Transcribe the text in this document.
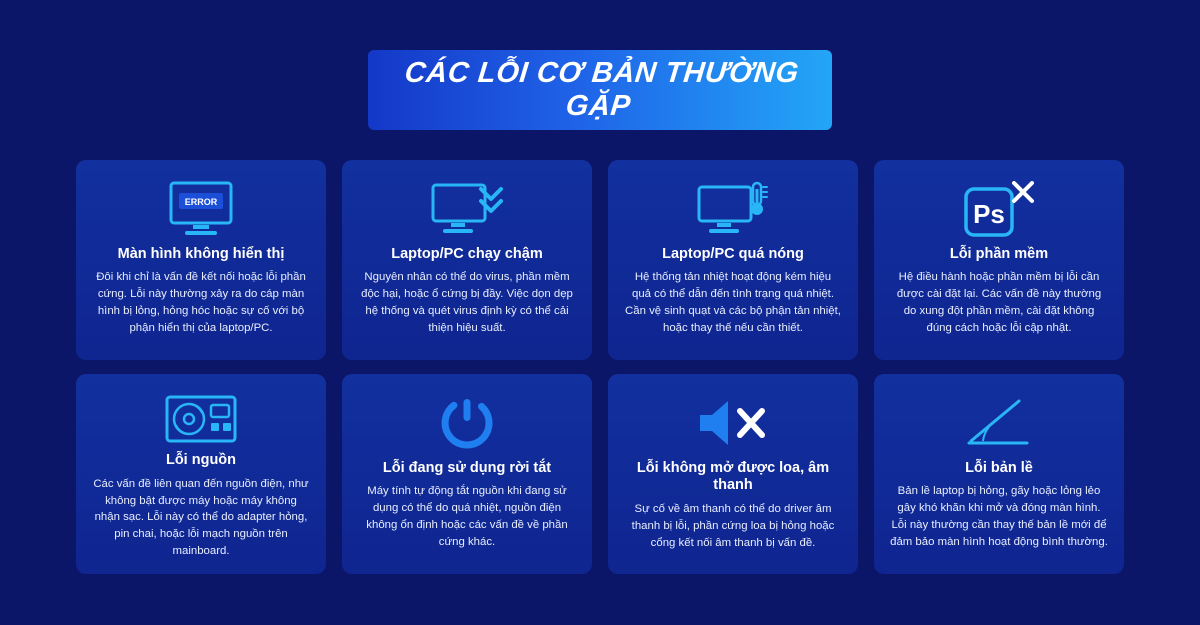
CÁC LỖI CƠ BẢN THƯỜNG GẶP
ERROR
Màn hình không hiển thị
Đôi khi chỉ là vấn đề kết nối hoặc lỗi phần cứng. Lỗi này thường xảy ra do cáp màn hình bị lỏng, hỏng hóc hoặc sự cố với bộ phận hiển thị của laptop/PC.
Laptop/PC chạy chậm
Nguyên nhân có thể do virus, phần mềm độc hại, hoặc ổ cứng bị đầy. Việc dọn dẹp hệ thống và quét virus định kỳ có thể cải thiện hiệu suất.
Laptop/PC quá nóng
Hệ thống tản nhiệt hoạt động kém hiệu quả có thể dẫn đến tình trạng quá nhiệt. Cần vệ sinh quạt và các bộ phận tản nhiệt, hoặc thay thế nếu cần thiết.
Ps
Lỗi phần mềm
Hệ điều hành hoặc phần mềm bị lỗi cần được cài đặt lại. Các vấn đề này thường do xung đột phần mềm, cài đặt không đúng cách hoặc lỗi cập nhật.
Lỗi nguồn
Các vấn đề liên quan đến nguồn điện, như không bật được máy hoặc máy không nhận sạc. Lỗi này có thể do adapter hỏng, pin chai, hoặc lỗi mạch nguồn trên mainboard.
Lỗi đang sử dụng rời tắt
Máy tính tự động tắt nguồn khi đang sử dụng có thể do quá nhiệt, nguồn điện không ổn định hoặc các vấn đề về phần cứng khác.
Lỗi không mở được loa, âm thanh
Sự cố về âm thanh có thể do driver âm thanh bị lỗi, phần cứng loa bị hỏng hoặc cổng kết nối âm thanh bị vấn đề.
Lỗi bản lề
Bản lề laptop bị hỏng, gãy hoặc lỏng lẻo gây khó khăn khi mở và đóng màn hình. Lỗi này thường cần thay thế bản lề mới để đảm bảo màn hình hoạt động bình thường.
